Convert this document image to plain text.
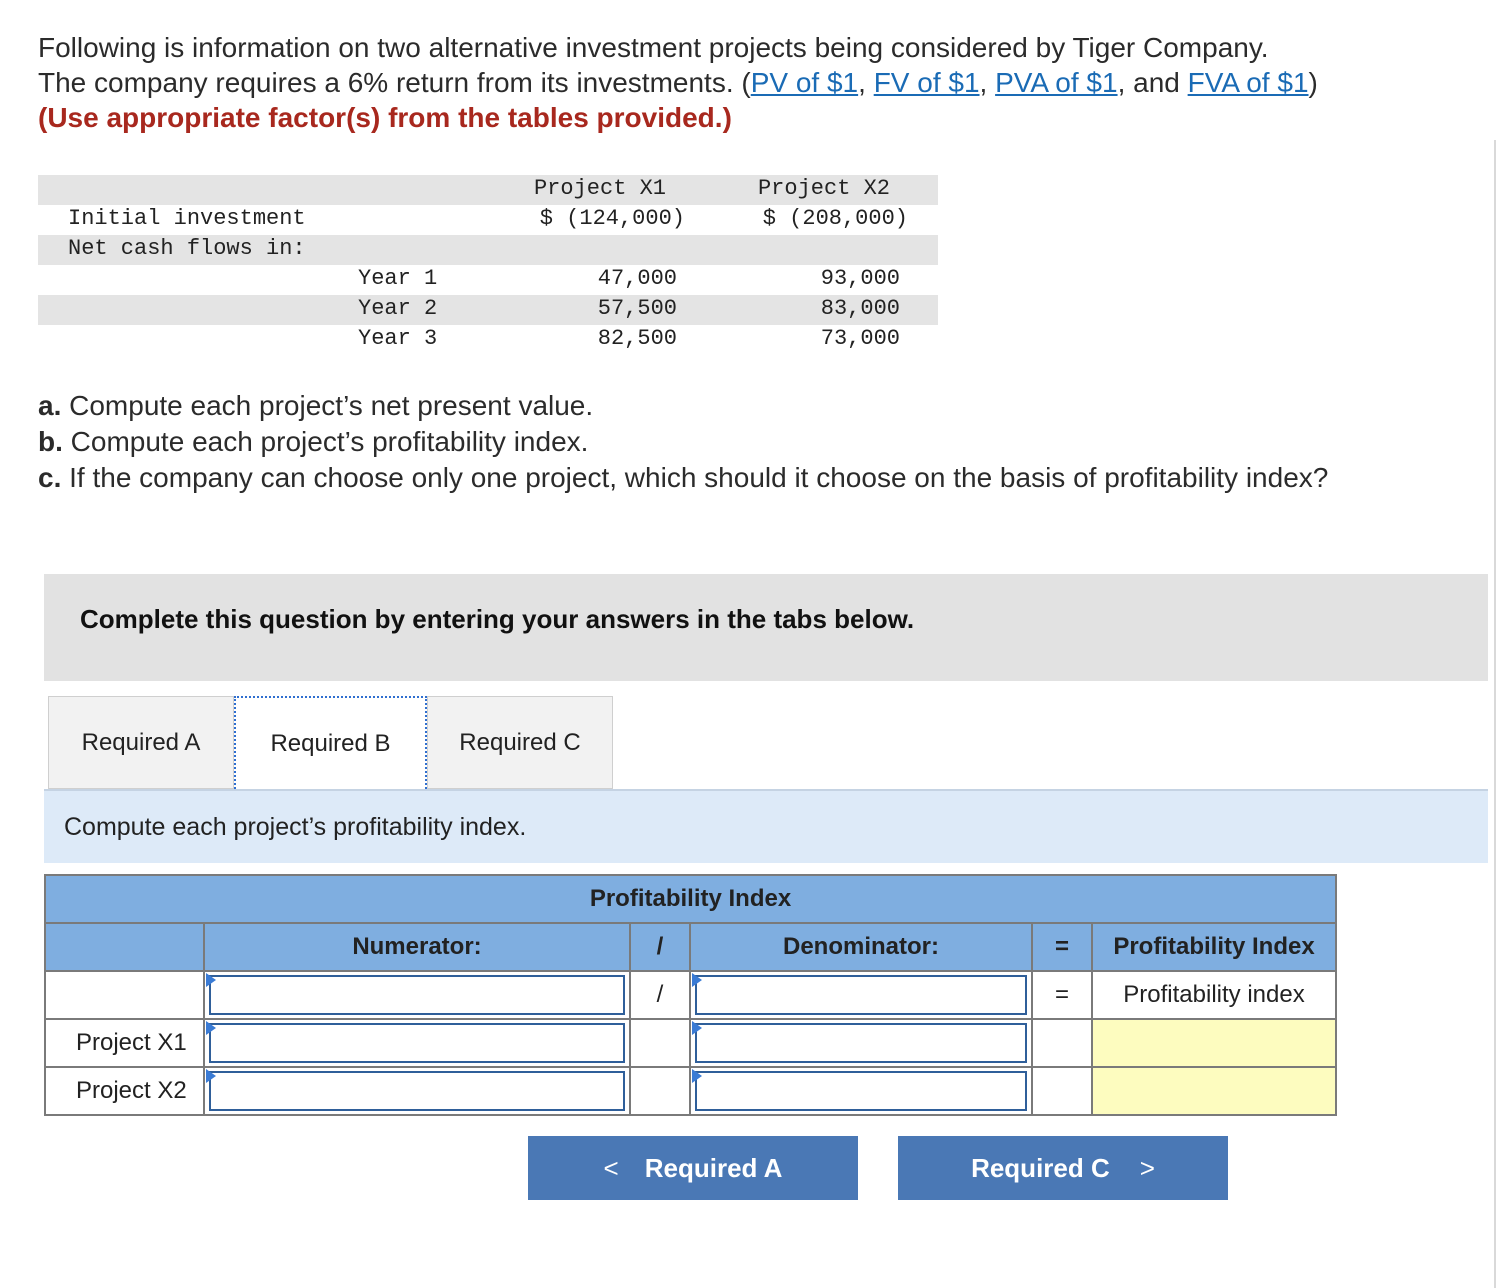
Following is information on two alternative investment projects being considered by Tiger Company.
The company requires a 6% return from its investments. (PV of $1, FV of $1, PVA of $1, and FVA of $1)
(Use appropriate factor(s) from the tables provided.)
Project X1	Project X2
Initial investment	$ (124,000)	$ (208,000)
Net cash flows in:
Year 1	47,000	93,000
Year 2	57,500	83,000
Year 3	82,500	73,000
a. Compute each project’s net present value.
b. Compute each project’s profitability index.
c. If the company can choose only one project, which should it choose on the basis of profitability index?
Complete this question by entering your answers in the tabs below.
Required A	Required B	Required C
Compute each project’s profitability index.
Profitability Index					
	Numerator:	/	Denominator:	=	Profitability Index

	/		=	Profitability index
Project X1	

Project X2	

< Required A	Required C >
